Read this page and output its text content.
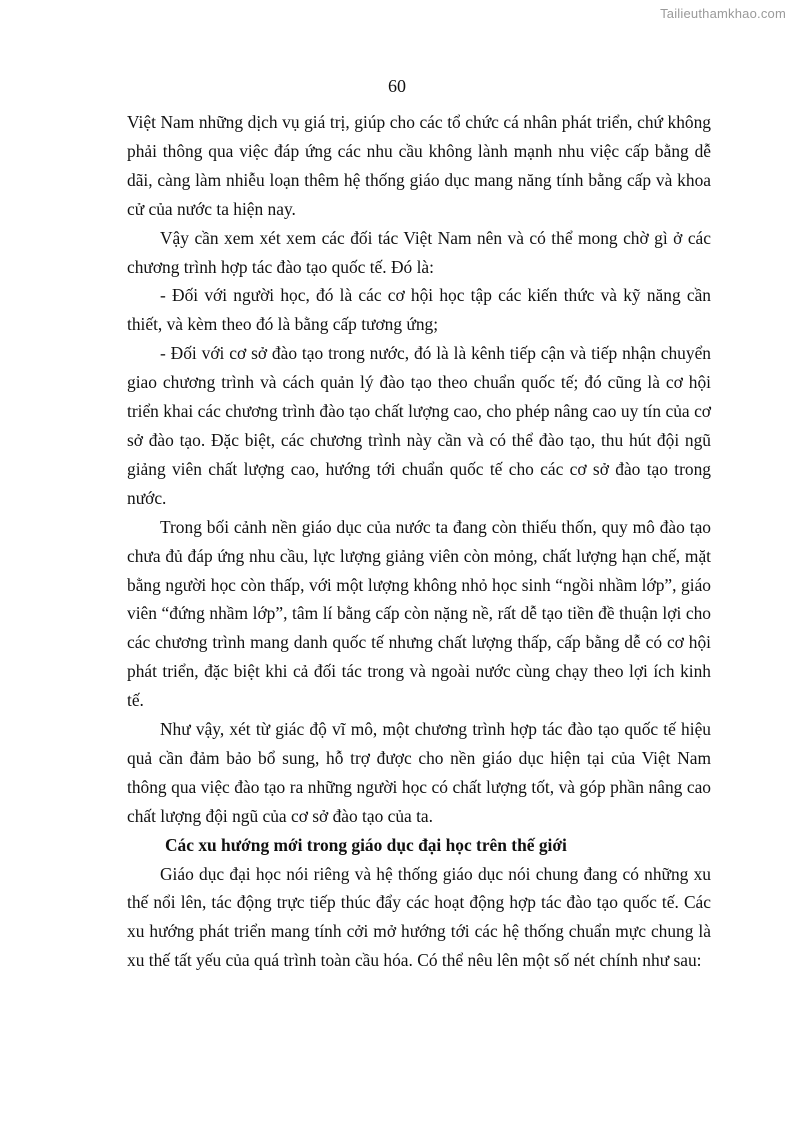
Tailieuthamkhao.com
60

Việt Nam những dịch vụ giá trị, giúp cho các tổ chức cá nhân phát triển, chứ không phải thông qua việc đáp ứng các nhu cầu không lành mạnh nhu việc cấp bằng dễ dãi, càng làm nhiễu loạn thêm hệ thống giáo dục mang năng tính bằng cấp và khoa cử của nước ta hiện nay.

Vậy cần xem xét xem các đối tác Việt Nam nên và có thể mong chờ gì ở các chương trình hợp tác đào tạo quốc tế. Đó là:

- Đối với người học, đó là các cơ hội học tập các kiến thức và kỹ năng cần thiết, và kèm theo đó là bằng cấp tương ứng;

- Đối với cơ sở đào tạo trong nước, đó là là kênh tiếp cận và tiếp nhận chuyển giao chương trình và cách quản lý đào tạo theo chuẩn quốc tế; đó cũng là cơ hội triển khai các chương trình đào tạo chất lượng cao, cho phép nâng cao uy tín của cơ sở đào tạo. Đặc biệt, các chương trình này cần và có thể đào tạo, thu hút đội ngũ giảng viên chất lượng cao, hướng tới chuẩn quốc tế cho các cơ sở đào tạo trong nước.

Trong bối cảnh nền giáo dục của nước ta đang còn thiếu thốn, quy mô đào tạo chưa đủ đáp ứng nhu cầu, lực lượng giảng viên còn mỏng, chất lượng hạn chế, mặt bằng người học còn thấp, với một lượng không nhỏ học sinh “ngồi nhầm lớp”, giáo viên “đứng nhầm lớp”, tâm lí bằng cấp còn nặng nề, rất dễ tạo tiền đề thuận lợi cho các chương trình mang danh quốc tế nhưng chất lượng thấp, cấp bằng dễ có cơ hội phát triển, đặc biệt khi cả đối tác trong và ngoài nước cùng chạy theo lợi ích kinh tế.

Như vậy, xét từ giác độ vĩ mô, một chương trình hợp tác đào tạo quốc tế hiệu quả cần đảm bảo bổ sung, hỗ trợ được cho nền giáo dục hiện tại của Việt Nam thông qua việc đào tạo ra những người học có chất lượng tốt, và góp phần nâng cao chất lượng đội ngũ của cơ sở đào tạo của ta.

Các xu hướng mới trong giáo dục đại học trên thế giới

Giáo dục đại học nói riêng và hệ thống giáo dục nói chung đang có những xu thế nổi lên, tác động trực tiếp thúc đẩy các hoạt động hợp tác đào tạo quốc tế. Các xu hướng phát triển mang tính cởi mở hướng tới các hệ thống chuẩn mực chung là xu thế tất yếu của quá trình toàn cầu hóa. Có thể nêu lên một số nét chính như sau:
